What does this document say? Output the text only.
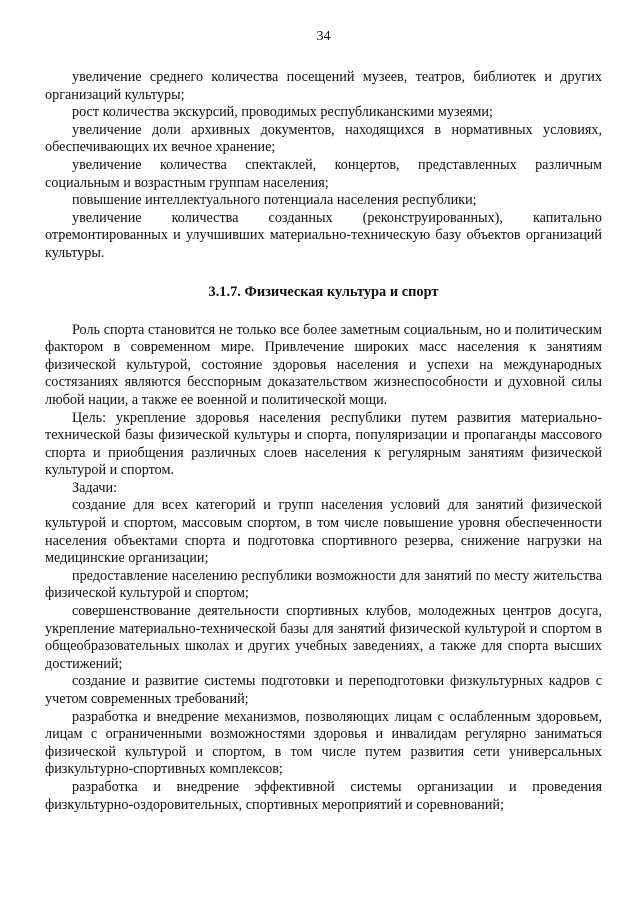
34

увеличение среднего количества посещений музеев, театров, библиотек и других организаций культуры;

рост количества экскурсий, проводимых республиканскими музеями;

увеличение доли архивных документов, находящихся в нормативных условиях, обеспечивающих их вечное хранение;

увеличение количества спектаклей, концертов, представленных различным социальным и возрастным группам населения;

повышение интеллектуального потенциала населения республики;

увеличение количества созданных (реконструированных), капитально отремонтированных и улучшивших материально-техническую базу объектов организаций культуры.

3.1.7. Физическая культура и спорт

Роль спорта становится не только все более заметным социальным, но и политическим фактором в современном мире. Привлечение широких масс населения к занятиям физической культурой, состояние здоровья населения и успехи на международных состязаниях являются бесспорным доказательством жизнеспособности и духовной силы любой нации, а также ее военной и политической мощи.

Цель: укрепление здоровья населения республики путем развития материально-технической базы физической культуры и спорта, популяризации и пропаганды массового спорта и приобщения различных слоев населения к регулярным занятиям физической культурой и спортом.

Задачи:

создание для всех категорий и групп населения условий для занятий физической культурой и спортом, массовым спортом, в том числе повышение уровня обеспеченности населения объектами спорта и подготовка спортивного резерва, снижение нагрузки на медицинские организации;

предоставление населению республики возможности для занятий по месту жительства физической культурой и спортом;

совершенствование деятельности спортивных клубов, молодежных центров досуга, укрепление материально-технической базы для занятий физической культурой и спортом в общеобразовательных школах и других учебных заведениях, а также для спорта высших достижений;

создание и развитие системы подготовки и переподготовки физкультурных кадров с учетом современных требований;

разработка и внедрение механизмов, позволяющих лицам с ослабленным здоровьем, лицам с ограниченными возможностями здоровья и инвалидам регулярно заниматься физической культурой и спортом, в том числе путем развития сети универсальных физкультурно-спортивных комплексов;

разработка и внедрение эффективной системы организации и проведения физкультурно-оздоровительных, спортивных мероприятий и соревнований;
